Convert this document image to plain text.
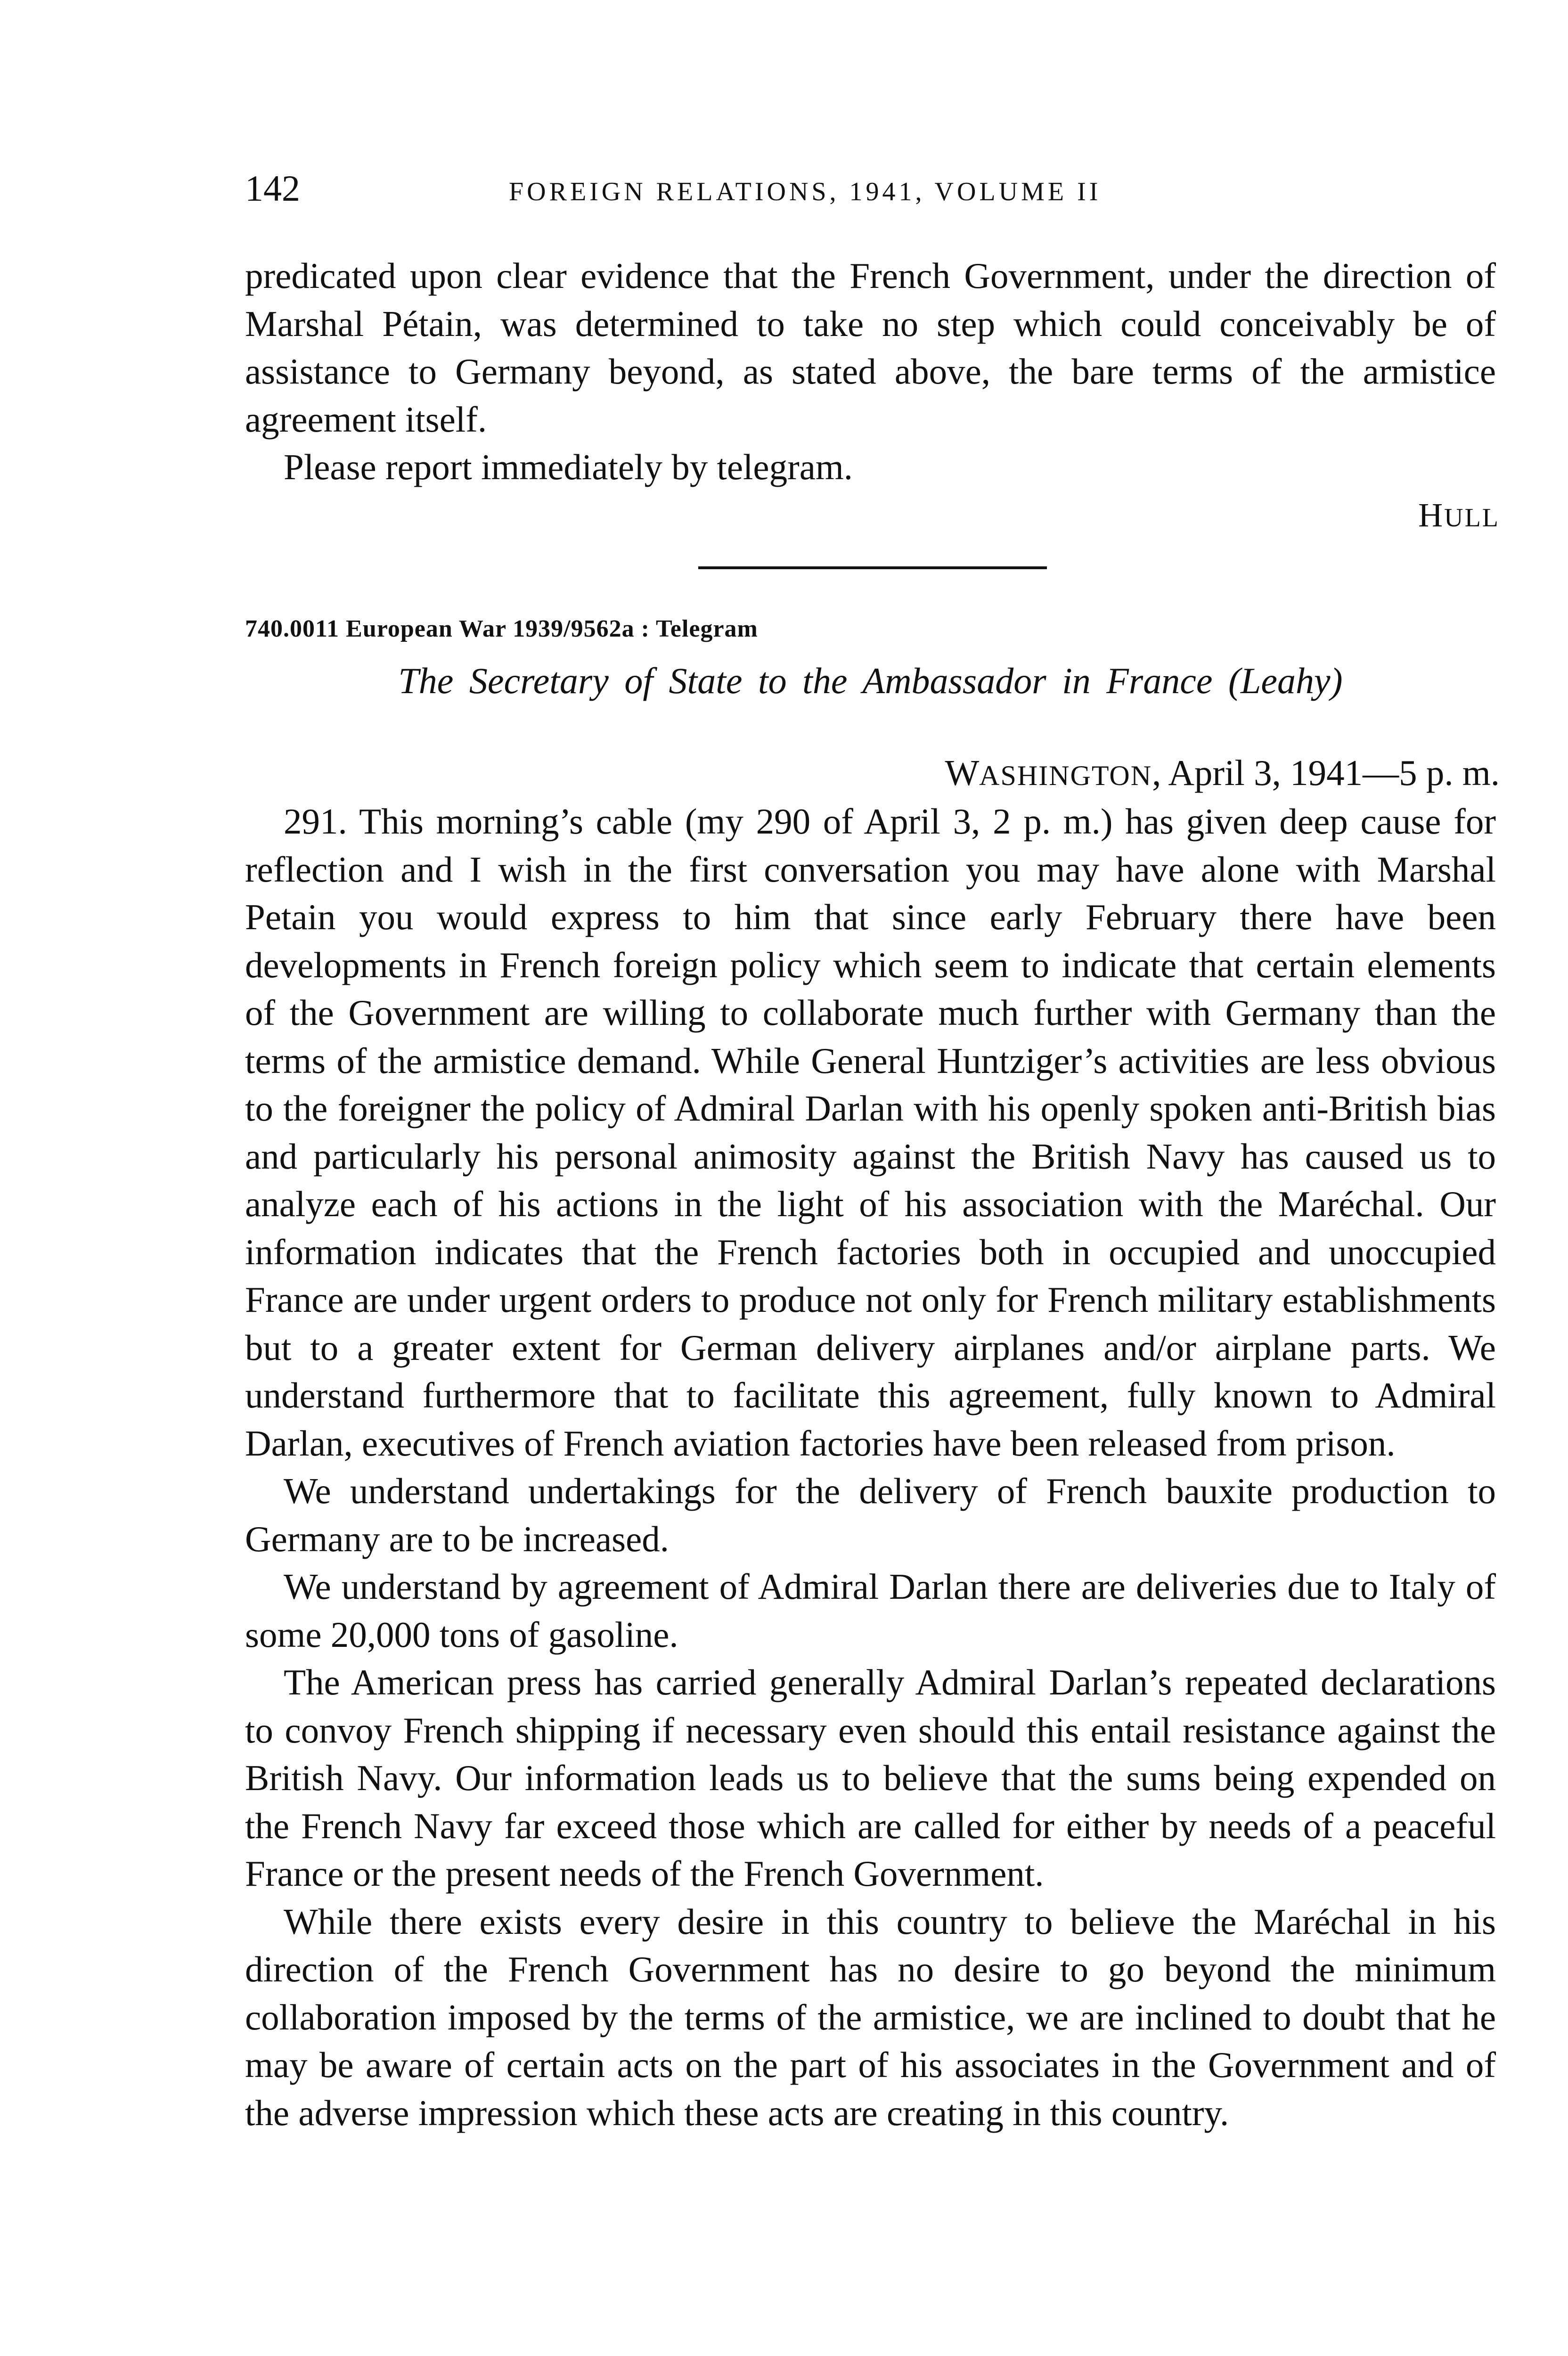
142	FOREIGN RELATIONS, 1941, VOLUME II

predicated upon clear evidence that the French Government, under the direction of Marshal Pétain, was determined to take no step which could conceivably be of assistance to Germany beyond, as stated above, the bare terms of the armistice agreement itself.

Please report immediately by telegram.

HULL
740.0011 European War 1939/9562a : Telegram
The Secretary of State to the Ambassador in France (Leahy)
WASHINGTON, April 3, 1941—5 p. m.

291. This morning’s cable (my 290 of April 3, 2 p. m.) has given deep cause for reflection and I wish in the first conversation you may have alone with Marshal Petain you would express to him that since early February there have been developments in French foreign policy which seem to indicate that certain elements of the Government are willing to collaborate much further with Germany than the terms of the armistice demand. While General Huntziger’s activities are less obvious to the foreigner the policy of Admiral Darlan with his openly spoken anti-British bias and particularly his personal animosity against the British Navy has caused us to analyze each of his actions in the light of his association with the Maréchal. Our information indicates that the French factories both in occupied and unoccupied France are under urgent orders to produce not only for French military establishments but to a greater extent for German delivery airplanes and/or airplane parts. We understand furthermore that to facilitate this agreement, fully known to Admiral Darlan, executives of French aviation factories have been released from prison.

We understand undertakings for the delivery of French bauxite production to Germany are to be increased.

We understand by agreement of Admiral Darlan there are deliveries due to Italy of some 20,000 tons of gasoline.

The American press has carried generally Admiral Darlan’s repeated declarations to convoy French shipping if necessary even should this entail resistance against the British Navy. Our information leads us to believe that the sums being expended on the French Navy far exceed those which are called for either by needs of a peaceful France or the present needs of the French Government.

While there exists every desire in this country to believe the Maréchal in his direction of the French Government has no desire to go beyond the minimum collaboration imposed by the terms of the armistice, we are inclined to doubt that he may be aware of certain acts on the part of his associates in the Government and of the adverse impression which these acts are creating in this country.
